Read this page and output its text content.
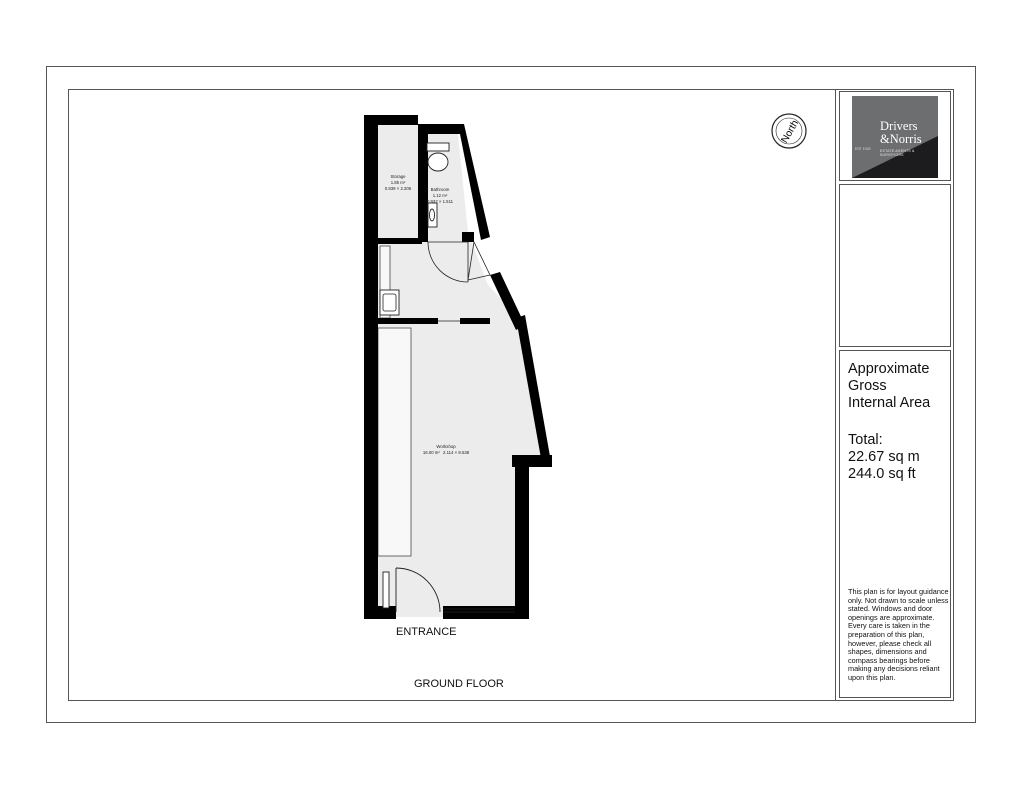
Storage
1.85 m²
0.839 × 2.206	Bathroom
1.12 m²
0.932 × 1.511
Workshop
16.00 m² 2.114 × 8.638
North
ENTRANCE
GROUND FLOOR
Drivers
&Norris
ESTATE AGENTS & SURVEYORS
EST 1933
Approximate
Gross
Internal Area
Total:
22.67 sq m
244.0 sq ft
This plan is for layout guidance only. Not drawn to scale unless stated. Windows and door openings are approximate. Every care is taken in the preparation of this plan, however, please check all shapes, dimensions and compass bearings before making any decisions reliant upon this plan.
